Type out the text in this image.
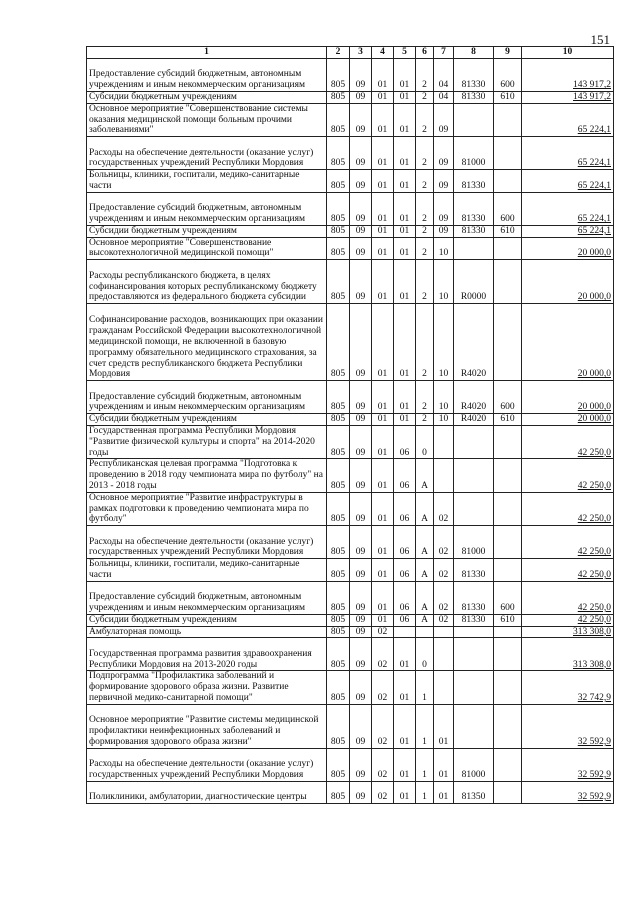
151
1	2	3	4	5	6	7	8	9	10
Предоставление субсидий бюджетным, автономным учреждениям и иным некоммерческим организациям	805	09	01	01	2	04	81330	600	143 917,2
Субсидии бюджетным учреждениям	805	09	01	01	2	04	81330	610	143 917,2
Основное мероприятие "Совершенствование системы оказания медицинской помощи больным прочими заболеваниями"	805	09	01	01	2	09			65 224,1
Расходы на обеспечение деятельности (оказание услуг) государственных учреждений Республики Мордовия	805	09	01	01	2	09	81000		65 224,1
Больницы, клиники, госпитали, медико-санитарные части	805	09	01	01	2	09	81330		65 224,1
Предоставление субсидий бюджетным, автономным учреждениям и иным некоммерческим организациям	805	09	01	01	2	09	81330	600	65 224,1
Субсидии бюджетным учреждениям	805	09	01	01	2	09	81330	610	65 224,1
Основное мероприятие "Совершенствование высокотехнологичной медицинской помощи"	805	09	01	01	2	10			20 000,0
Расходы республиканского бюджета, в целях софинансирования которых республиканскому бюджету предоставляются из федерального бюджета субсидии	805	09	01	01	2	10	R0000		20 000,0
Софинансирование расходов, возникающих при оказании гражданам Российской Федерации высокотехнологичной медицинской помощи, не включенной в базовую программу обязательного медицинского страхования, за счет средств республиканского бюджета Республики Мордовия	805	09	01	01	2	10	R4020		20 000,0
Предоставление субсидий бюджетным, автономным учреждениям и иным некоммерческим организациям	805	09	01	01	2	10	R4020	600	20 000,0
Субсидии бюджетным учреждениям	805	09	01	01	2	10	R4020	610	20 000,0
Государственная программа Республики Мордовия "Развитие физической культуры и спорта" на 2014-2020 годы	805	09	01	06	0				42 250,0
Республиканская целевая программа "Подготовка к проведению в 2018 году чемпионата мира по футболу" на 2013 - 2018 годы	805	09	01	06	А				42 250,0
Основное мероприятие "Развитие инфраструктуры в рамках подготовки к проведению чемпионата мира по футболу"	805	09	01	06	А	02			42 250,0
Расходы на обеспечение деятельности (оказание услуг) государственных учреждений Республики Мордовия	805	09	01	06	А	02	81000		42 250,0
Больницы, клиники, госпитали, медико-санитарные части	805	09	01	06	А	02	81330		42 250,0
Предоставление субсидий бюджетным, автономным учреждениям и иным некоммерческим организациям	805	09	01	06	А	02	81330	600	42 250,0
Субсидии бюджетным учреждениям	805	09	01	06	А	02	81330	610	42 250,0
Амбулаторная помощь	805	09	02						313 308,0
Государственная программа развития здравоохранения Республики Мордовия на 2013-2020 годы	805	09	02	01	0				313 308,0
Подпрограмма "Профилактика заболеваний и формирование здорового образа жизни. Развитие первичной медико-санитарной помощи"	805	09	02	01	1				32 742,9
Основное мероприятие "Развитие системы медицинской профилактики неинфекционных заболеваний и формирования здорового образа жизни"	805	09	02	01	1	01			32 592,9
Расходы на обеспечение деятельности (оказание услуг) государственных учреждений Республики Мордовия	805	09	02	01	1	01	81000		32 592,9
Поликлиники, амбулатории, диагностические центры	805	09	02	01	1	01	81350		32 592,9
